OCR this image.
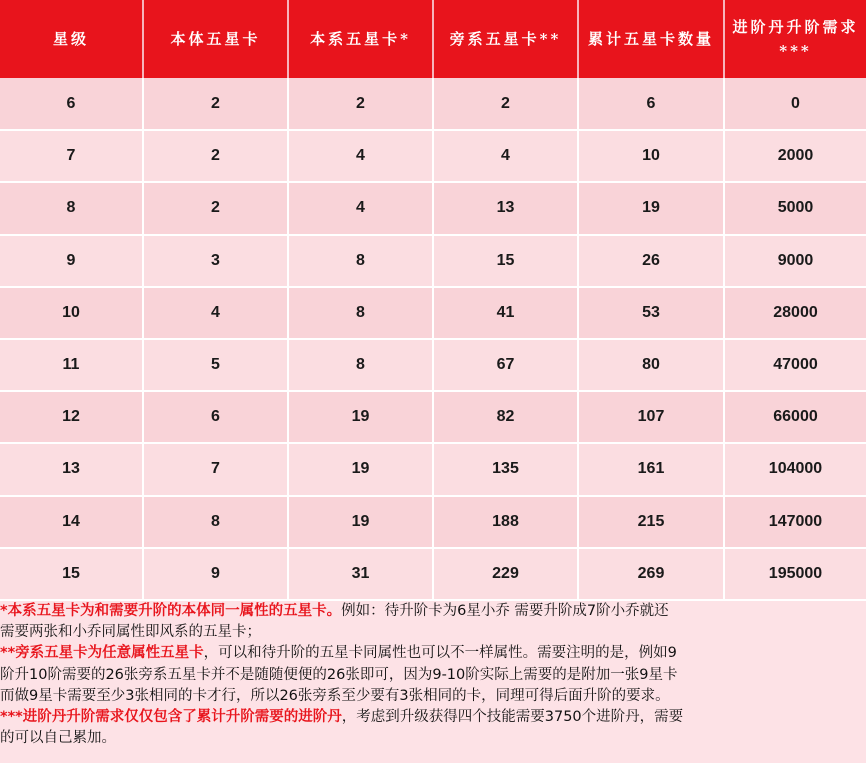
星级	本体五星卡	本系五星卡*	旁系五星卡**	累计五星卡数量	进阶丹升阶需求***
6	2	2	2	6	0
7	2	4	4	10	2000
8	2	4	13	19	5000
9	3	8	15	26	9000
10	4	8	41	53	28000
11	5	8	67	80	47000
12	6	19	82	107	66000
13	7	19	135	161	104000
14	8	19	188	215	147000
15	9	31	229	269	195000
*本系五星卡为和需要升阶的本体同一属性的五星卡。例如：待升阶卡为6星小乔 需要升阶成7阶小乔就还
需要两张和小乔同属性即风系的五星卡；
**旁系五星卡为任意属性五星卡，可以和待升阶的五星卡同属性也可以不一样属性。需要注明的是，例如9
阶升10阶需要的26张旁系五星卡并不是随随便便的26张即可，因为9-10阶实际上需要的是附加一张9星卡
而做9星卡需要至少3张相同的卡才行，所以26张旁系至少要有3张相同的卡，同理可得后面升阶的要求。
***进阶丹升阶需求仅仅包含了累计升阶需要的进阶丹，考虑到升级获得四个技能需要3750个进阶丹，需要
的可以自己累加。
